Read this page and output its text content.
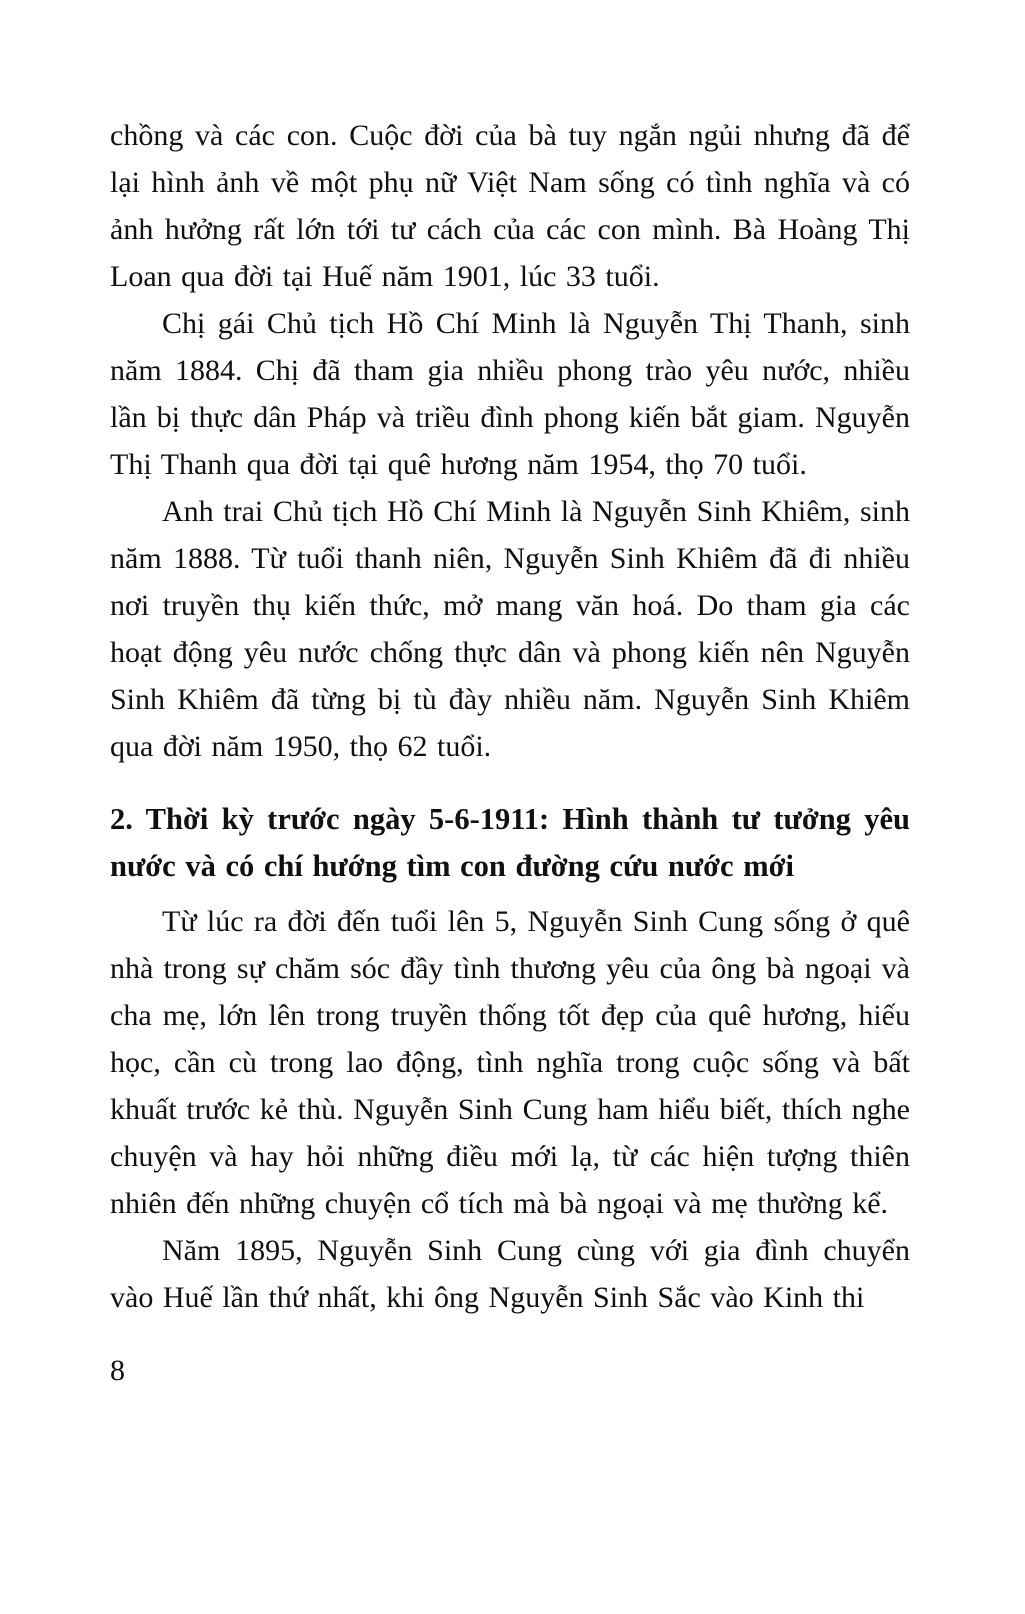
chồng và các con. Cuộc đời của bà tuy ngắn ngủi nhưng đã để lại hình ảnh về một phụ nữ Việt Nam sống có tình nghĩa và có ảnh hưởng rất lớn tới tư cách của các con mình. Bà Hoàng Thị Loan qua đời tại Huế năm 1901, lúc 33 tuổi.

Chị gái Chủ tịch Hồ Chí Minh là Nguyễn Thị Thanh, sinh năm 1884. Chị đã tham gia nhiều phong trào yêu nước, nhiều lần bị thực dân Pháp và triều đình phong kiến bắt giam. Nguyễn Thị Thanh qua đời tại quê hương năm 1954, thọ 70 tuổi.

Anh trai Chủ tịch Hồ Chí Minh là Nguyễn Sinh Khiêm, sinh năm 1888. Từ tuổi thanh niên, Nguyễn Sinh Khiêm đã đi nhiều nơi truyền thụ kiến thức, mở mang văn hoá. Do tham gia các hoạt động yêu nước chống thực dân và phong kiến nên Nguyễn Sinh Khiêm đã từng bị tù đày nhiều năm. Nguyễn Sinh Khiêm qua đời năm 1950, thọ 62 tuổi.

2. Thời kỳ trước ngày 5-6-1911: Hình thành tư tưởng yêu nước và có chí hướng tìm con đường cứu nước mới

Từ lúc ra đời đến tuổi lên 5, Nguyễn Sinh Cung sống ở quê nhà trong sự chăm sóc đầy tình thương yêu của ông bà ngoại và cha mẹ, lớn lên trong truyền thống tốt đẹp của quê hương, hiếu học, cần cù trong lao động, tình nghĩa trong cuộc sống và bất khuất trước kẻ thù. Nguyễn Sinh Cung ham hiểu biết, thích nghe chuyện và hay hỏi những điều mới lạ, từ các hiện tượng thiên nhiên đến những chuyện cổ tích mà bà ngoại và mẹ thường kể.

Năm 1895, Nguyễn Sinh Cung cùng với gia đình chuyển vào Huế lần thứ nhất, khi ông Nguyễn Sinh Sắc vào Kinh thi

8
